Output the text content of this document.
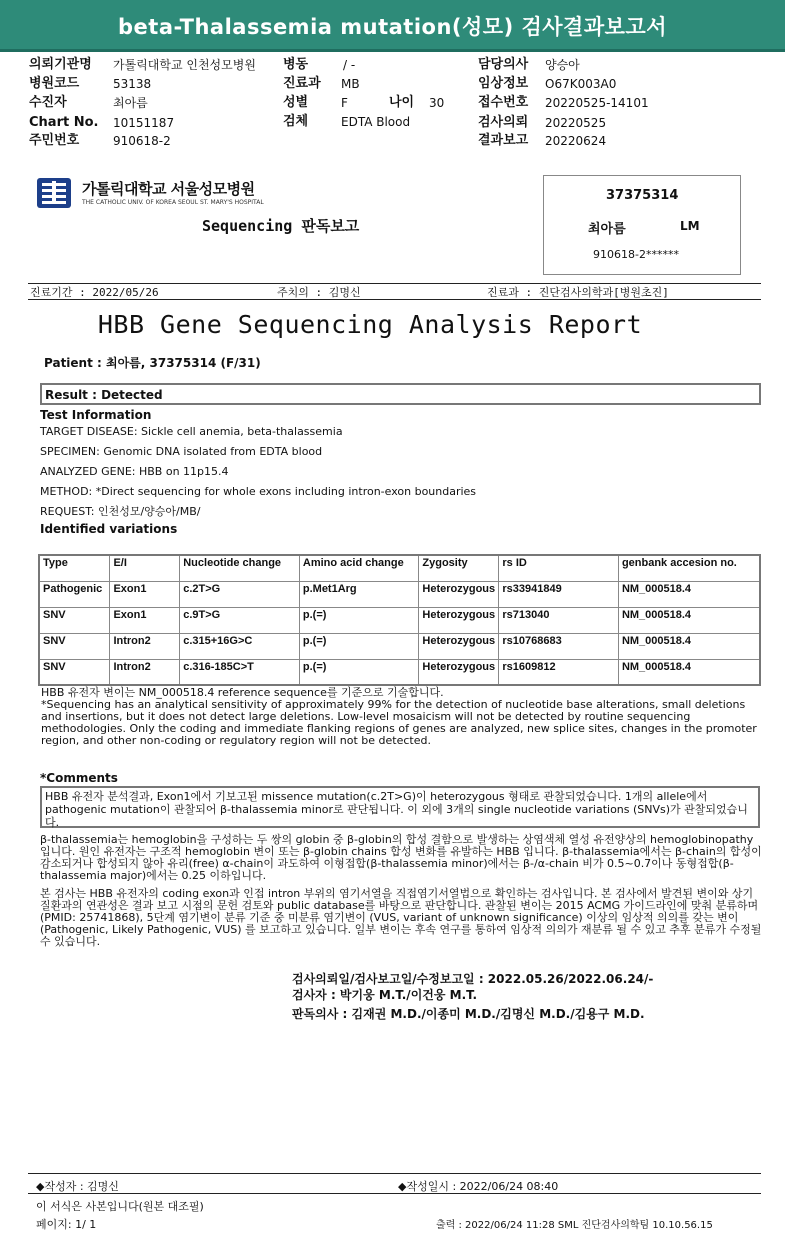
beta-Thalassemia mutation(성모) 검사결과보고서
의뢰기관명 가톨릭대학교 인천성모병원
병원코드	53138
수진자	최아름
Chart No. 10151187
주민번호	910618-2
병동	/ -
진료과 MB
성별	F	나이 30
검체	EDTA Blood
담당의사 양승아
임상정보 O67K003A0
접수번호 20220525-14101
검사의뢰 20220525
결과보고 20220624
가톨릭대학교 서울성모병원
THE CATHOLIC UNIV. OF KOREA SEOUL ST. MARY'S HOSPITAL
Sequencing 판독보고
37375314
최아름	LM
910618-2******
진료기간 : 2022/05/26	주치의 : 김명신	진료과 : 진단검사의학과[병원초진]
HBB Gene Sequencing Analysis Report
Patient : 최아름, 37375314 (F/31)
Result : Detected
Test Information
TARGET DISEASE: Sickle cell anemia, beta-thalassemia
SPECIMEN: Genomic DNA isolated from EDTA blood
ANALYZED GENE: HBB on 11p15.4
METHOD: *Direct sequencing for whole exons including intron-exon boundaries
REQUEST: 인천성모/양승아/MB/
Identified variations
Type	E/I	Nucleotide change	Amino acid change	Zygosity	rs ID	genbank accesion no.
Pathogenic	Exon1	c.2T>G	p.Met1Arg	Heterozygous	rs33941849	NM_000518.4
SNV	Exon1	c.9T>G	p.(=)	Heterozygous	rs713040	NM_000518.4
SNV	Intron2	c.315+16G>C	p.(=)	Heterozygous	rs10768683	NM_000518.4
SNV	Intron2	c.316-185C>T	p.(=)	Heterozygous	rs1609812	NM_000518.4
HBB 유전자 변이는 NM_000518.4 reference sequence를 기준으로 기술합니다.
*Sequencing has an analytical sensitivity of approximately 99% for the detection of nucleotide base alterations, small deletions and insertions, but it does not detect large deletions. Low-level mosaicism will not be detected by routine sequencing methodologies. Only the coding and immediate flanking regions of genes are analyzed, new splice sites, changes in the promoter region, and other non-coding or regulatory region will not be detected.
*Comments
HBB 유전자 분석결과, Exon1에서 기보고된 missence mutation(c.2T>G)이 heterozygous 형태로 관찰되었습니다. 1개의 allele에서 pathogenic mutation이 관찰되어 β-thalassemia minor로 판단됩니다. 이 외에 3개의 single nucleotide variations (SNVs)가 관찰되었습니다.
β-thalassemia는 hemoglobin을 구성하는 두 쌍의 globin 중 β-globin의 합성 결함으로 발생하는 상염색체 열성 유전양상의 hemoglobinopathy입니다. 원인 유전자는 구조적 hemoglobin 변이 또는 β-globin chains 합성 변화를 유발하는 HBB 입니다. β-thalassemia에서는 β-chain의 합성이 감소되거나 합성되지 않아 유리(free) α-chain이 과도하여 이형접합(β-thalassemia minor)에서는 β-/α-chain 비가 0.5~0.7이나 동형접합(β-thalassemia major)에서는 0.25 이하입니다.
본 검사는 HBB 유전자의 coding exon과 인접 intron 부위의 염기서열을 직접염기서열법으로 확인하는 검사입니다. 본 검사에서 발견된 변이와 상기 질환과의 연관성은 결과 보고 시점의 문헌 검토와 public database를 바탕으로 판단합니다. 관찰된 변이는 2015 ACMG 가이드라인에 맞춰 분류하며 (PMID: 25741868), 5단계 염기변이 분류 기준 중 미분류 염기변이 (VUS, variant of unknown significance) 이상의 임상적 의의를 갖는 변이 (Pathogenic, Likely Pathogenic, VUS) 를 보고하고 있습니다. 일부 변이는 후속 연구를 통하여 임상적 의의가 재분류 될 수 있고 추후 분류가 수정될 수 있습니다.
검사의뢰일/검사보고일/수정보고일 : 2022.05.26/2022.06.24/-
검사자 : 박기웅 M.T./이건웅 M.T.
판독의사 : 김재권 M.D./이종미 M.D./김명신 M.D./김용구 M.D.
◆작성자 : 김명신	◆작성일시 : 2022/06/24 08:40
이 서식은 사본입니다(원본 대조필)
페이지: 1/ 1	출력 : 2022/06/24 11:28 SML 진단검사의학팀 10.10.56.15
